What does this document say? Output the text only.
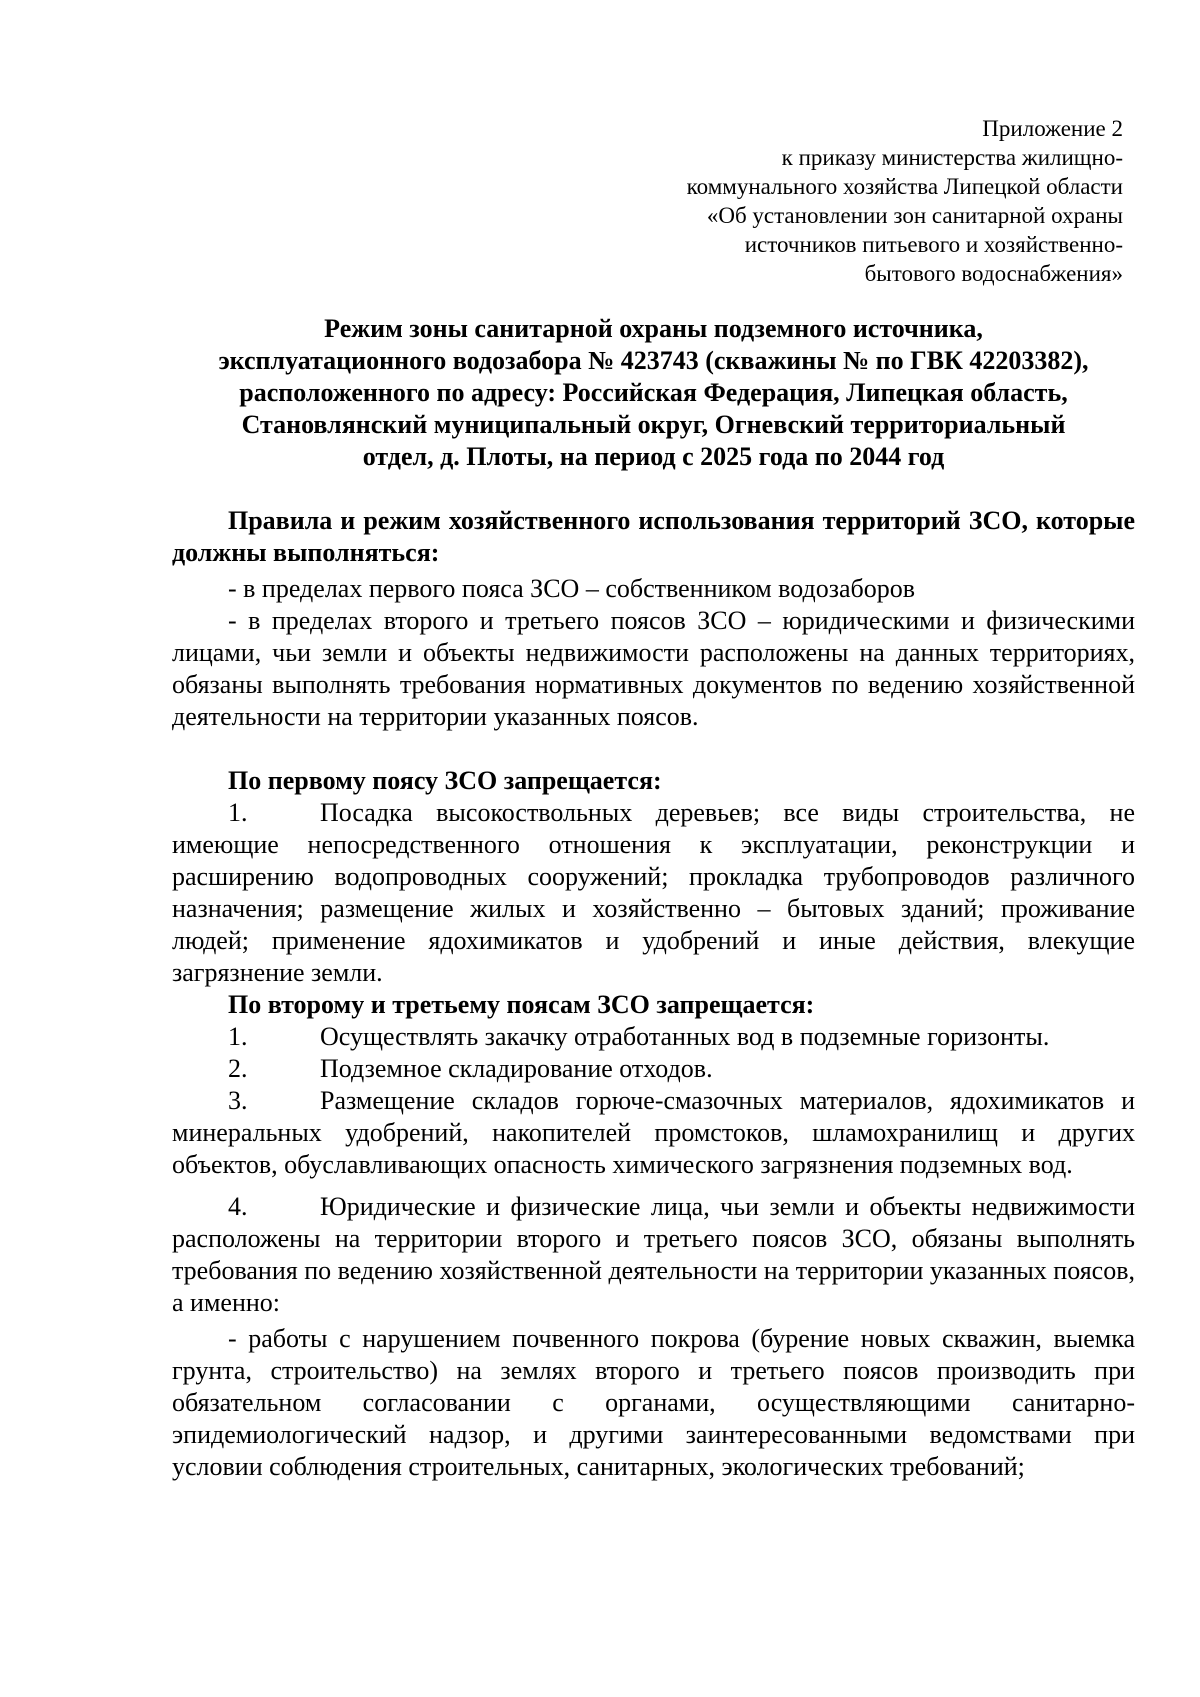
Приложение 2
к приказу министерства жилищно-
коммунального хозяйства Липецкой области
«Об установлении зон санитарной охраны
источников питьевого и хозяйственно-
бытового водоснабжения»
Режим зоны санитарной охраны подземного источника,
эксплуатационного водозабора № 423743 (скважины № по ГВК 42203382),
расположенного по адресу: Российская Федерация, Липецкая область,
Становлянский муниципальный округ, Огневский территориальный
отдел, д. Плоты, на период с 2025 года по 2044 год

Правила и режим хозяйственного использования территорий ЗСО, которые должны выполняться:

- в пределах первого пояса ЗСО – собственником водозаборов

- в пределах второго и третьего поясов ЗСО – юридическими и физическими лицами, чьи земли и объекты недвижимости расположены на данных территориях, обязаны выполнять требования нормативных документов по ведению хозяйственной деятельности на территории указанных поясов.

По первому поясу ЗСО запрещается:

1.	Посадка высокоствольных деревьев; все виды строительства, не имеющие непосредственного отношения к эксплуатации, реконструкции и расширению водопроводных сооружений; прокладка трубопроводов различного назначения; размещение жилых и хозяйственно – бытовых зданий; проживание людей; применение ядохимикатов и удобрений и иные действия, влекущие загрязнение земли.

По второму и третьему поясам ЗСО запрещается:

1.	Осуществлять закачку отработанных вод в подземные горизонты.

2.	Подземное складирование отходов.

3.	Размещение складов горюче-смазочных материалов, ядохимикатов и минеральных удобрений, накопителей промстоков, шламохранилищ и других объектов, обуславливающих опасность химического загрязнения подземных вод.

4.	Юридические и физические лица, чьи земли и объекты недвижимости расположены на территории второго и третьего поясов ЗСО, обязаны выполнять требования по ведению хозяйственной деятельности на территории указанных поясов, а именно:

- работы с нарушением почвенного покрова (бурение новых скважин, выемка грунта, строительство) на землях второго и третьего поясов производить при обязательном согласовании с органами, осуществляющими санитарно-эпидемиологический надзор, и другими заинтересованными ведомствами при условии соблюдения строительных, санитарных, экологических требований;
